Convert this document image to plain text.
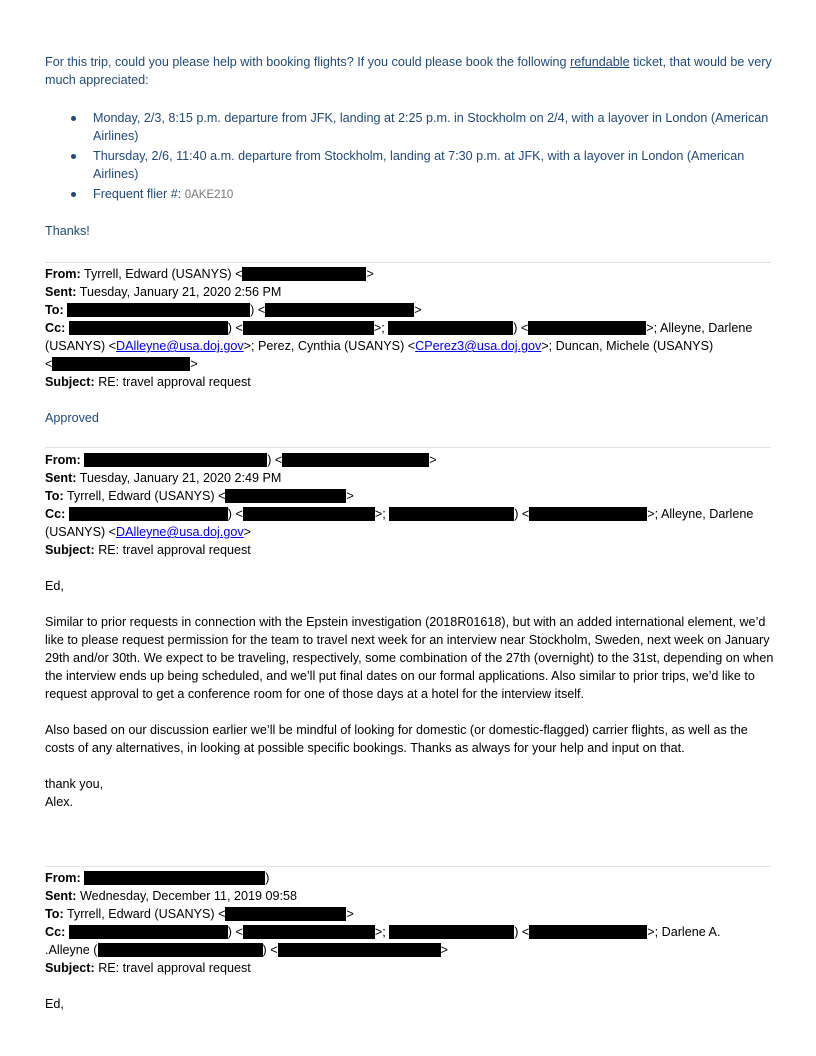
For this trip, could you please help with booking flights? If you could please book the following refundable ticket, that would be very much appreciated:

Monday, 2/3, 8:15 p.m. departure from JFK, landing at 2:25 p.m. in Stockholm on 2/4, with a layover in London (American Airlines)
Thursday, 2/6, 11:40 a.m. departure from Stockholm, landing at 7:30 p.m. at JFK, with a layover in London (American Airlines)
Frequent flier #: 0AKE210

Thanks!

From: Tyrrell, Edward (USANYS) <	>
Sent: Tuesday, January 21, 2020 2:56 PM
To:	) <	>
Cc:	) <	>;	) <	>; Alleyne, Darlene (USANYS) <DAlleyne@usa.doj.gov>; Perez, Cynthia (USANYS) <CPerez3@usa.doj.gov>; Duncan, Michele (USANYS)
<	>
Subject: RE: travel approval request

Approved

From:	) <	>
Sent: Tuesday, January 21, 2020 2:49 PM
To: Tyrrell, Edward (USANYS) <	>
Cc:	) <	>;	) <	>; Alleyne, Darlene (USANYS) <DAlleyne@usa.doj.gov>
Subject: RE: travel approval request

Ed,

Similar to prior requests in connection with the Epstein investigation (2018R01618), but with an added international element, we’d like to please request permission for the team to travel next week for an interview near Stockholm, Sweden, next week on January 29th and/or 30th. We expect to be traveling, respectively, some combination of the 27th (overnight) to the 31st, depending on when the interview ends up being scheduled, and we’ll put final dates on our formal applications. Also similar to prior trips, we’d like to request approval to get a conference room for one of those days at a hotel for the interview itself.

Also based on our discussion earlier we’ll be mindful of looking for domestic (or domestic-flagged) carrier flights, as well as the costs of any alternatives, in looking at possible specific bookings. Thanks as always for your help and input on that.

thank you,

Alex.

From:	)
Sent: Wednesday, December 11, 2019 09:58
To: Tyrrell, Edward (USANYS) <	>
Cc:	) <	>;	) <	>; Darlene A.
.Alleyne (	) <	>
Subject: RE: travel approval request

Ed,
